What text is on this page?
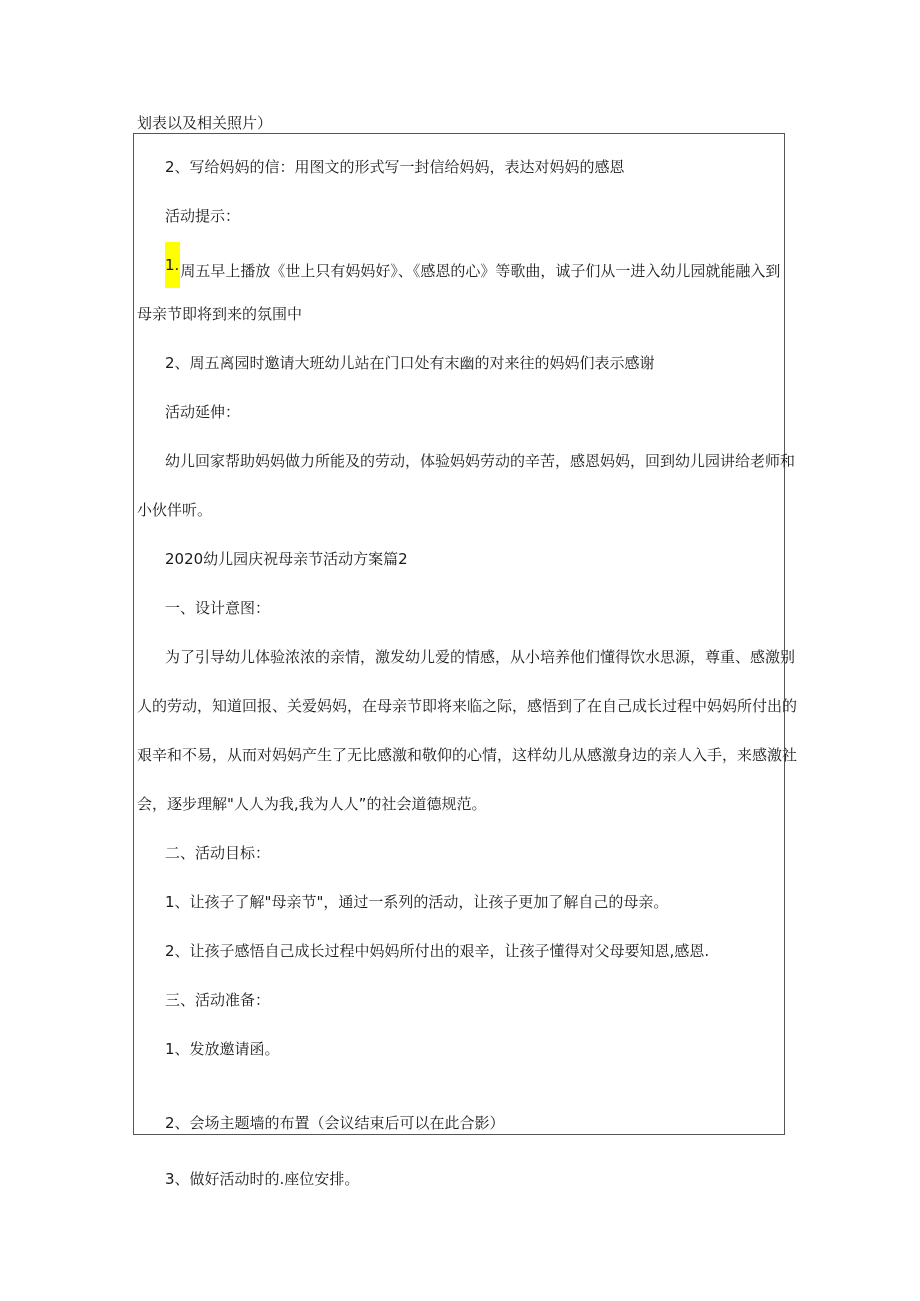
划表以及相关照片）
2、写给妈妈的信：用图文的形式写一封信给妈妈，表达对妈妈的感恩
活动提示：
1.周五早上播放《世上只有妈妈好》、《感恩的心》等歌曲，诚子们从一进入幼儿园就能融入到
母亲节即将到来的氛围中
2、周五离园时邀请大班幼儿站在门口处有末幽的对来往的妈妈们表示感谢
活动延伸：
幼儿回家帮助妈妈做力所能及的劳动，体验妈妈劳动的辛苦，感恩妈妈，回到幼儿园讲给老师和
小伙伴听。
2020幼儿园庆祝母亲节活动方案篇2
一、设计意图：
为了引导幼儿体验浓浓的亲情，激发幼儿爱的情感，从小培养他们懂得饮水思源，尊重、感激别
人的劳动，知道回报、关爱妈妈，在母亲节即将来临之际，感悟到了在自己成长过程中妈妈所付出的
艰辛和不易，从而对妈妈产生了无比感激和敬仰的心情，这样幼儿从感激身边的亲人入手，来感激社
会，逐步理解"人人为我,我为人人”的社会道德规范。
二、活动目标：
1、让孩子了解"母亲节"，通过一系列的活动，让孩子更加了解自己的母亲。
2、让孩子感悟自己成长过程中妈妈所付出的艰辛，让孩子懂得对父母要知恩,感恩.
三、活动准备：
1、发放邀请函。
2、会场主题墙的布置（会议结束后可以在此合影）
3、做好活动时的.座位安排。
